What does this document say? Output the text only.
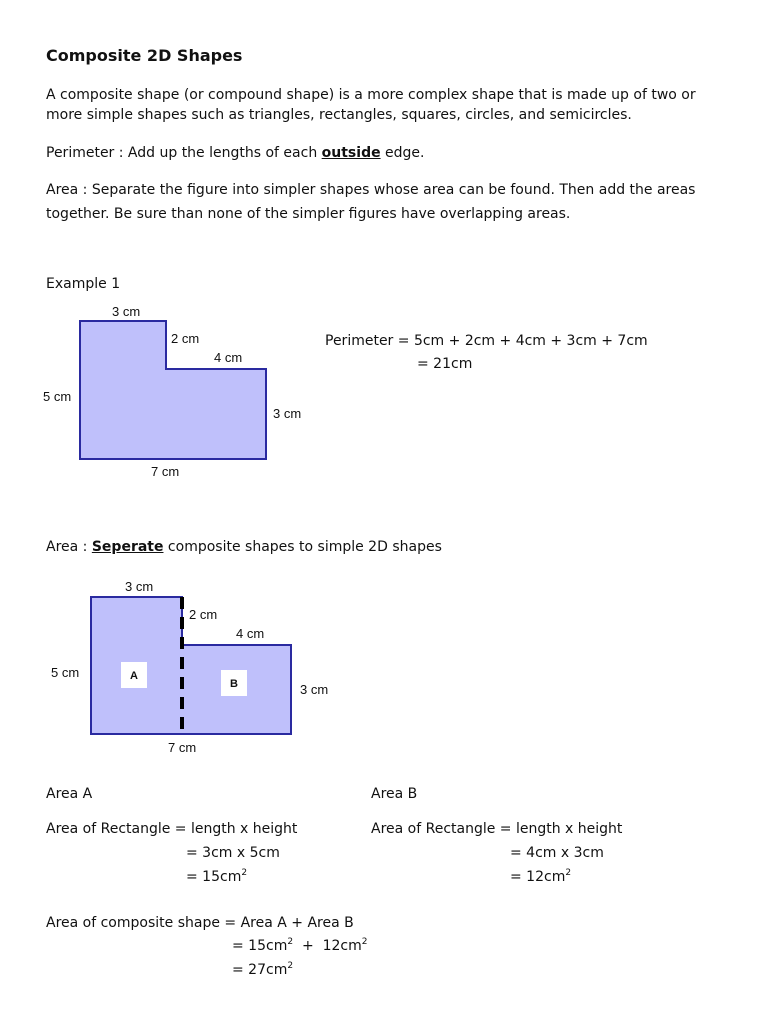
Composite 2D Shapes
A composite shape (or compound shape) is a more complex shape that is made up of two or
more simple shapes such as triangles, rectangles, squares, circles, and semicircles.
Perimeter : Add up the lengths of each outside edge.
Area : Separate the figure into simpler shapes whose area can be found. Then add the areas
together. Be sure than none of the simpler figures have overlapping areas.
Example 1
3 cm
2 cm
4 cm
5 cm
3 cm
7 cm
A
B
3 cm
2 cm
4 cm
5 cm
3 cm
7 cm
Perimeter = 5cm + 2cm + 4cm + 3cm + 7cm
= 21cm
Area : Seperate composite shapes to simple 2D shapes
Area A
Area of Rectangle = length x height
= 3cm x 5cm
= $15cm^2$
Area B
Area of Rectangle = length x height
= 4cm x 3cm
= $12cm^2$
Area of composite shape = Area A + Area B
= $15cm^2 + 12cm^2$
= $27cm^2$
